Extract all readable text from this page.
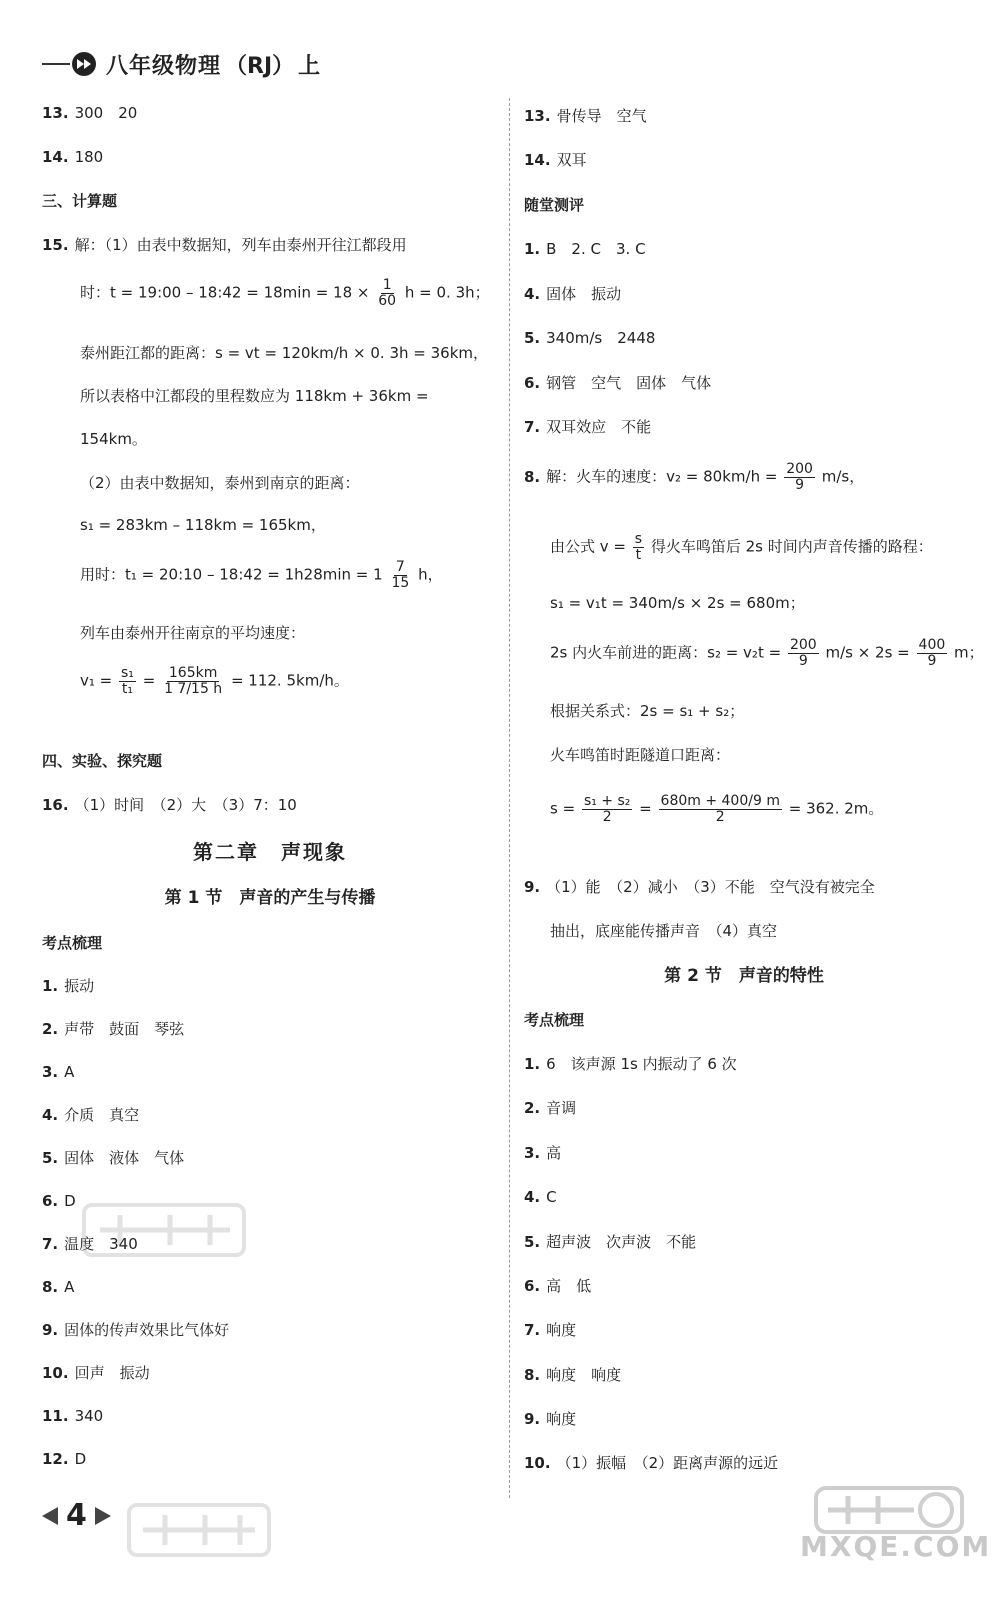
八年级物理 （RJ） 上
13. 300　20
14. 180
三、计算题
15. 解：（1）由表中数据知，列车由泰州开往江都段用
时：t = 19:00 – 18:42 = $18\min = 18 \times \frac{1}{60}$ h = 0. 3h；
泰州距江都的距离：s = vt = 120km/h × 0. 3h = 36km，
所以表格中江都段的里程数应为 118km + 36km =
154km。
（2）由表中数据知，泰州到南京的距离：
s₁ = 283km – 118km = 165km，
用时：t₁ = 20:10 – 18:42 = $1h28\min = 1 \frac{7}{15}$ h，
列车由泰州开往南京的平均速度：
$v_1 = \frac{\text{s₁}}{\text{t₁}} = \frac{165km}{1 7/15 h} = 112$. 5km/h。
四、实验、探究题
16. （1）时间　（2）大　（3）7：10
第二章　声现象
第 1 节　声音的产生与传播
考点梳理
1. 振动
2. 声带　鼓面　琴弦
3. A
4. 介质　真空
5. 固体　液体　气体
6. D
7. 温度　340
8. A
9. 固体的传声效果比气体好
10. 回声　振动
11. 340
12. D
13. 骨传导　空气
14. 双耳
随堂测评
1. B　2. C　3. C
4. 固体　振动
5. 340m/s　2448
6. 钢管　空气　固体　气体
7. 双耳效应　不能
8. 解：火车的速度：$v_2 = 80km/h = \frac{200}{9} m/s$，
由公式 $v = \frac{s}{t}$ 得火车鸣笛后 2s 时间内声音传播的路程：
s₁ = v₁t = 340m/s × 2s = 680m；
2s 内火车前进的距离：$s_2 = v_2t = \frac{200}{9} m/s \times 2s = \frac{400}{9}$ m；
根据关系式：2s = s₁ + s₂；
火车鸣笛时距隧道口距离：
$s = \frac{\text{s₁ + s₂}}{2} = \frac{680m + 400/9 m}{2} = 362$. 2m。
9. （1）能　（2）减小　（3）不能　空气没有被完全
抽出，底座能传播声音　（4）真空
第 2 节　声音的特性
考点梳理
1. 6　该声源 1s 内振动了 6 次
2. 音调
3. 高
4. C
5. 超声波　次声波　不能
6. 高　低
7. 响度
8. 响度　响度
9. 响度
10. （1）振幅　（2）距离声源的远近
4
MXQE.COM
